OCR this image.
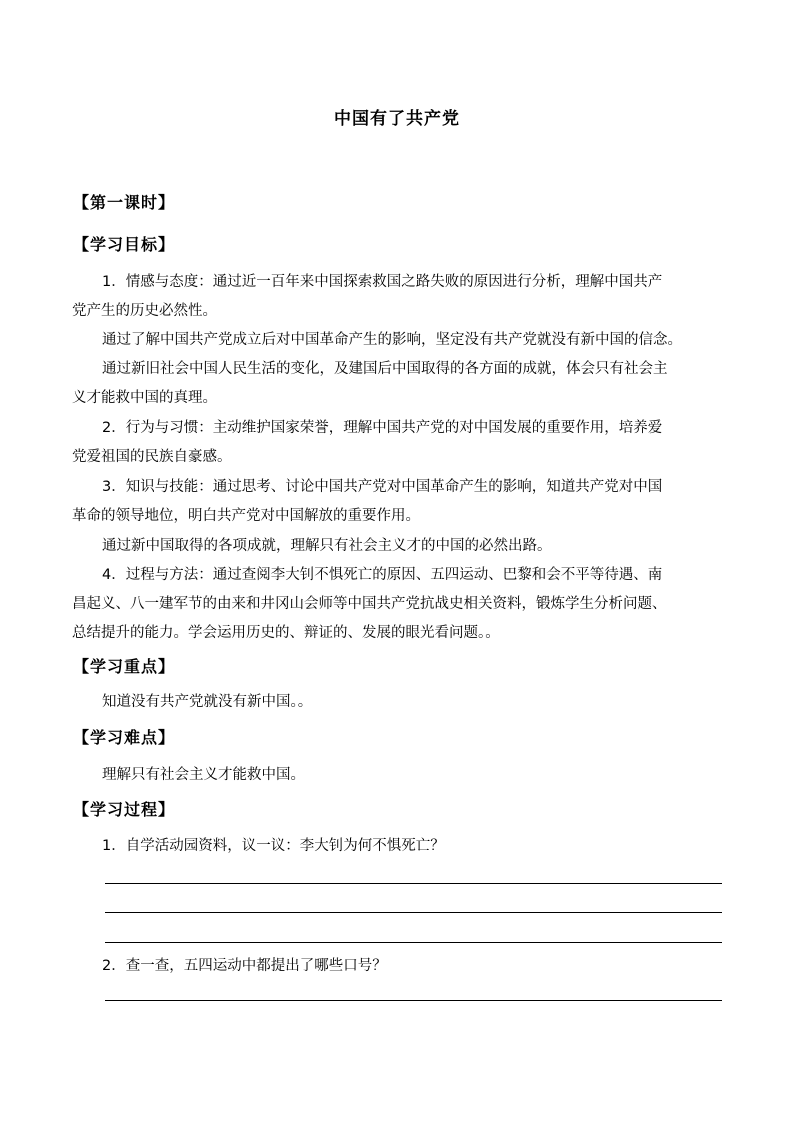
中国有了共产党
【第一课时】
【学习目标】
1．情感与态度：通过近一百年来中国探索救国之路失败的原因进行分析，理解中国共产
党产生的历史必然性。
通过了解中国共产党成立后对中国革命产生的影响，坚定没有共产党就没有新中国的信念。
通过新旧社会中国人民生活的变化，及建国后中国取得的各方面的成就，体会只有社会主
义才能救中国的真理。
2．行为与习惯：主动维护国家荣誉，理解中国共产党的对中国发展的重要作用，培养爱
党爱祖国的民族自豪感。
3．知识与技能：通过思考、讨论中国共产党对中国革命产生的影响，知道共产党对中国
革命的领导地位，明白共产党对中国解放的重要作用。
通过新中国取得的各项成就，理解只有社会主义才的中国的必然出路。
4．过程与方法：通过查阅李大钊不惧死亡的原因、五四运动、巴黎和会不平等待遇、南
昌起义、八一建军节的由来和井冈山会师等中国共产党抗战史相关资料，锻炼学生分析问题、
总结提升的能力。学会运用历史的、辩证的、发展的眼光看问题。。
【学习重点】
知道没有共产党就没有新中国。。
【学习难点】
理解只有社会主义才能救中国。
【学习过程】
1．自学活动园资料，议一议：李大钊为何不惧死亡？
2．查一查，五四运动中都提出了哪些口号？
